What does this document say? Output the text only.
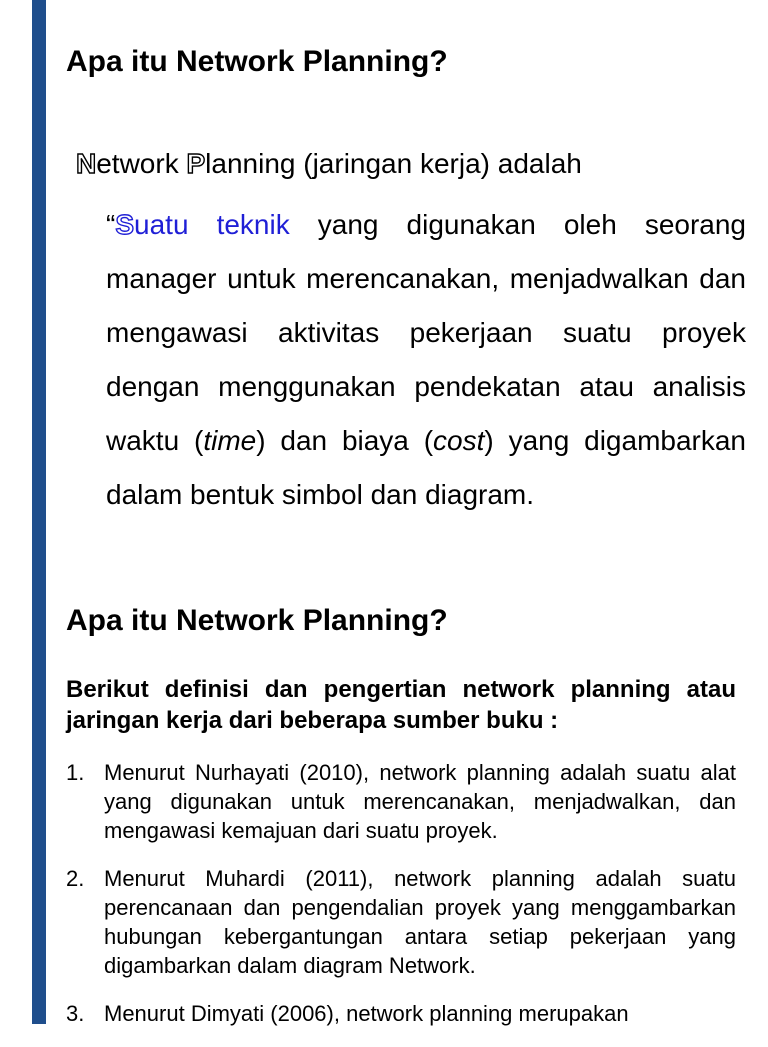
Apa itu Network Planning?
Network Planning (jaringan kerja) adalah

“Suatu teknik yang digunakan oleh seorang manager untuk merencanakan, menjadwalkan dan mengawasi aktivitas pekerjaan suatu proyek dengan menggunakan pendekatan atau analisis waktu (time) dan biaya (cost) yang digambarkan dalam bentuk simbol dan diagram.

Apa itu Network Planning?

Berikut definisi dan pengertian network planning atau jaringan kerja dari beberapa sumber buku :

1. Menurut Nurhayati (2010), network planning adalah suatu alat yang digunakan untuk merencanakan, menjadwalkan, dan mengawasi kemajuan dari suatu proyek.
2. Menurut Muhardi (2011), network planning adalah suatu perencanaan dan pengendalian proyek yang menggambarkan hubungan kebergantungan antara setiap pekerjaan yang digambarkan dalam diagram Network.
3. Menurut Dimyati (2006), network planning merupakan
